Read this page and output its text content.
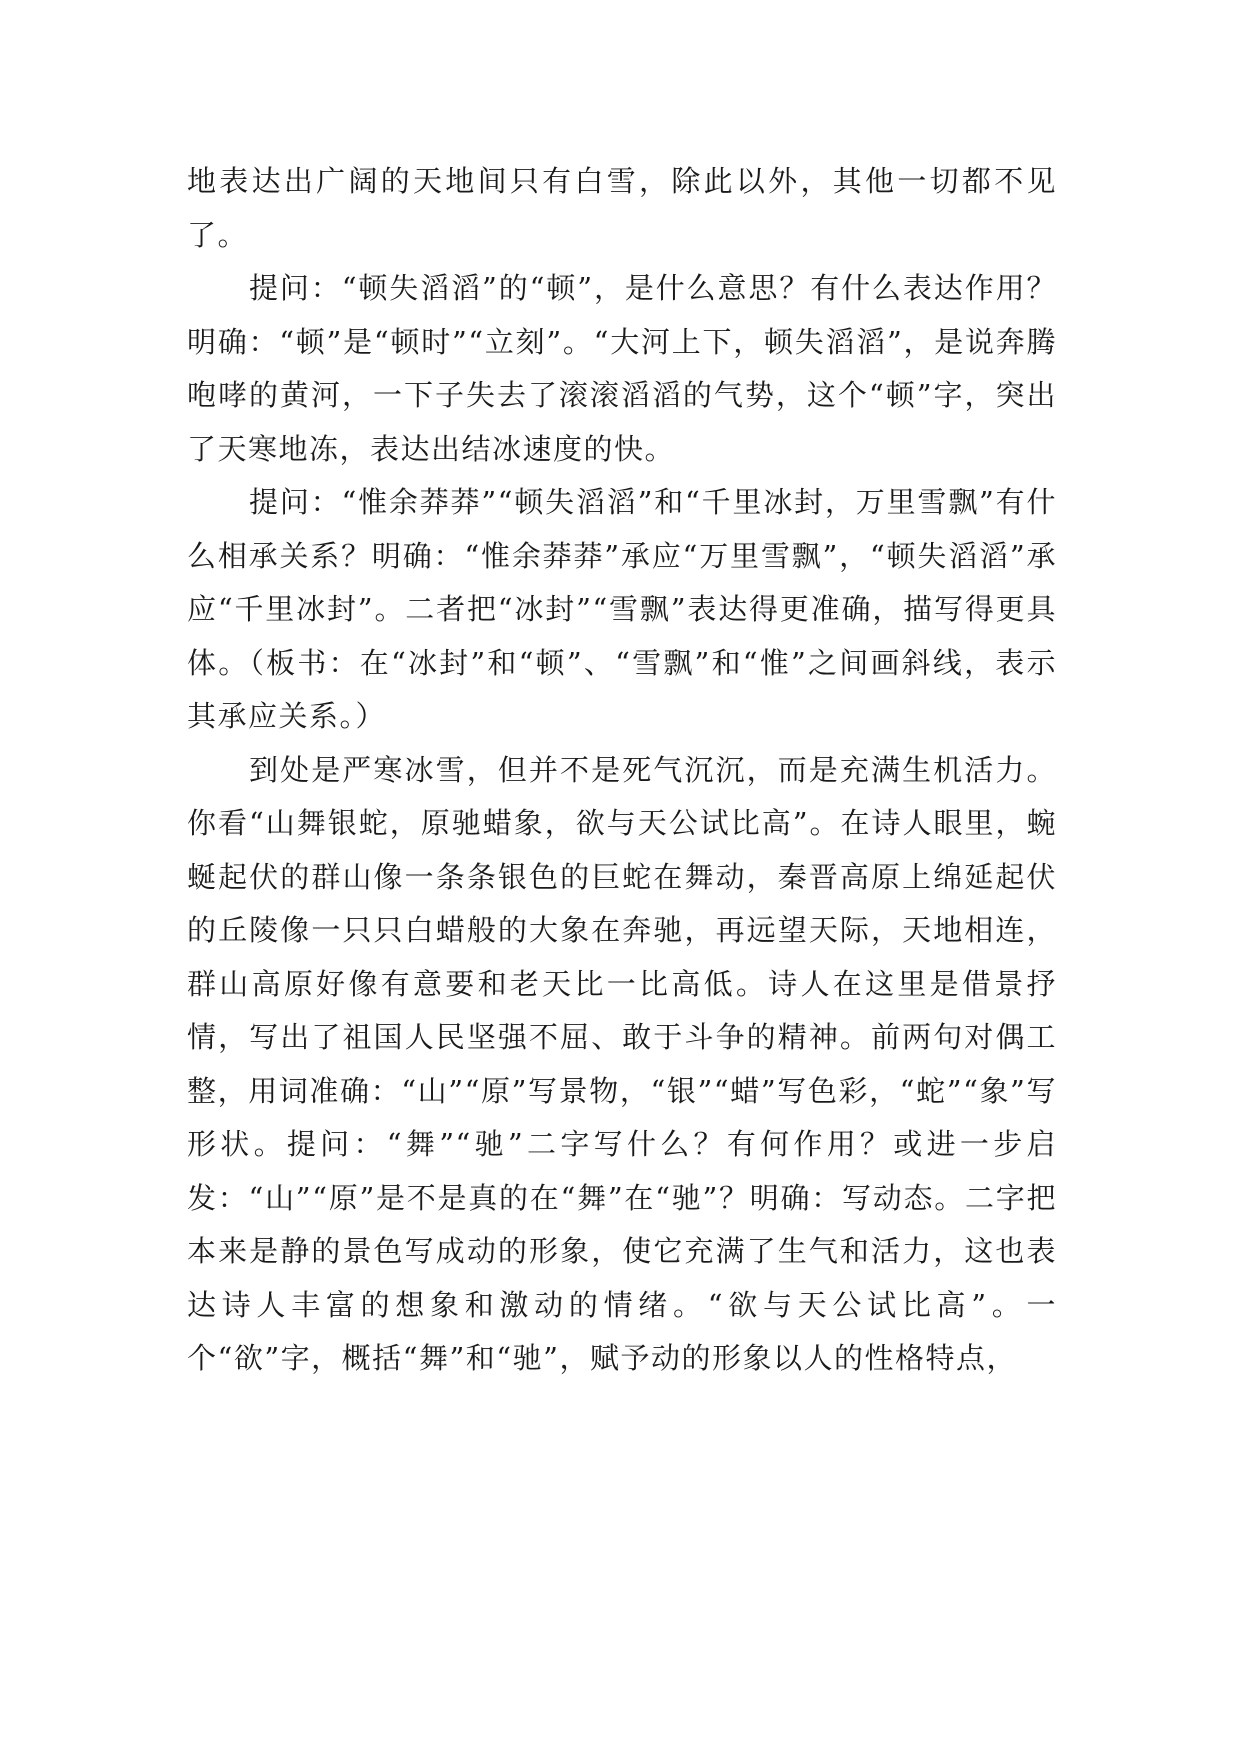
地表达出广阔的天地间只有白雪，除此以外，其他一切都不见了。

提问：“顿失滔滔”的“顿”，是什么意思？有什么表达作用？明确：“顿”是“顿时”“立刻”。“大河上下，顿失滔滔”，是说奔腾咆哮的黄河，一下子失去了滚滚滔滔的气势，这个“顿”字，突出了天寒地冻，表达出结冰速度的快。

提问：“惟余莽莽”“顿失滔滔”和“千里冰封，万里雪飘”有什么相承关系？明确：“惟余莽莽”承应“万里雪飘”，“顿失滔滔”承应“千里冰封”。二者把“冰封”“雪飘”表达得更准确，描写得更具体。（板书：在“冰封”和“顿”、“雪飘”和“惟”之间画斜线，表示其承应关系。）

到处是严寒冰雪，但并不是死气沉沉，而是充满生机活力。你看“山舞银蛇，原驰蜡象，欲与天公试比高”。在诗人眼里，蜿蜒起伏的群山像一条条银色的巨蛇在舞动，秦晋高原上绵延起伏的丘陵像一只只白蜡般的大象在奔驰，再远望天际，天地相连，群山高原好像有意要和老天比一比高低。诗人在这里是借景抒情，写出了祖国人民坚强不屈、敢于斗争的精神。前两句对偶工整，用词准确：“山”“原”写景物，“银”“蜡”写色彩，“蛇”“象”写形状。提问：“舞”“驰”二字写什么？有何作用？或进一步启发：“山”“原”是不是真的在“舞”在“驰”？明确：写动态。二字把本来是静的景色写成动的形象，使它充满了生气和活力，这也表达诗人丰富的想象和激动的情绪。“欲与天公试比高”。一个“欲”字，概括“舞”和“驰”，赋予动的形象以人的性格特点，
